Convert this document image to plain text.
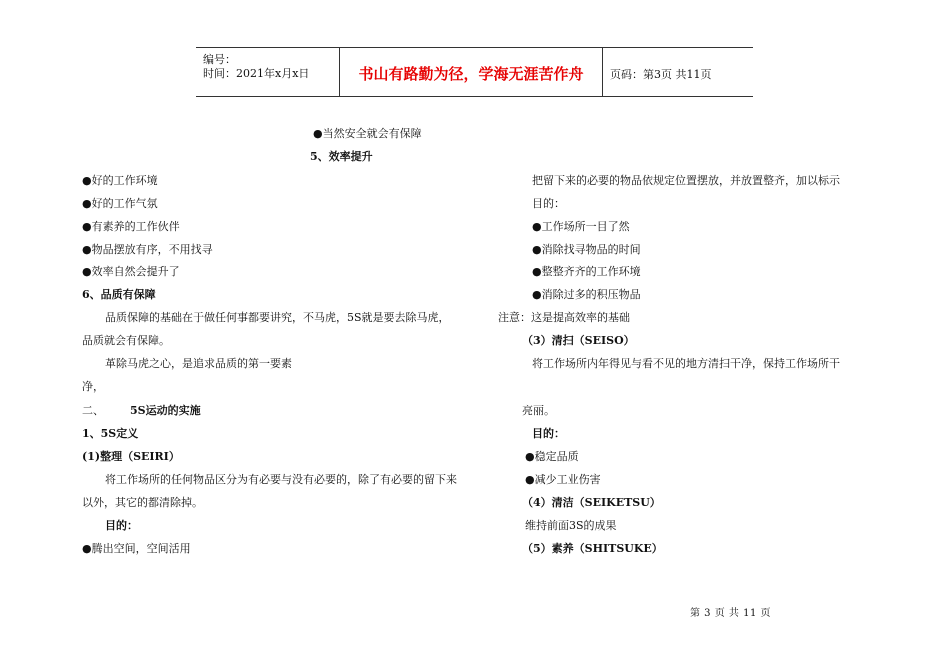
编号：
时间：2021年x月x日	书山有路勤为径，学海无涯苦作舟	页码：第3页 共11页
●当然安全就会有保障
5、效率提升
●好的工作环境
●好的工作气氛
●有素养的工作伙伴
●物品摆放有序，不用找寻
●效率自然会提升了
6、品质有保障
品质保障的基础在于做任何事都要讲究，不马虎，5S就是要去除马虎，
品质就会有保障。
革除马虎之心，是追求品质的第一要素
净，
二、 5S运动的实施
1、5S定义
(1)整理（SEIRI）
将工作场所的任何物品区分为有必要与没有必要的，除了有必要的留下来
以外，其它的都清除掉。
目的：
●腾出空间，空间活用
把留下来的必要的物品依规定位置摆放，并放置整齐，加以标示
目的：
●工作场所一目了然
●消除找寻物品的时间
●整整齐齐的工作环境
●消除过多的积压物品
注意：这是提高效率的基础
（3）清扫（SEISO）
将工作场所内年得见与看不见的地方清扫干净，保持工作场所干
亮丽。
目的：
●稳定品质
●减少工业伤害
（4）清洁（SEIKETSU）
维持前面3S的成果
（5）素养（SHITSUKE）
第 3 页 共 11 页
